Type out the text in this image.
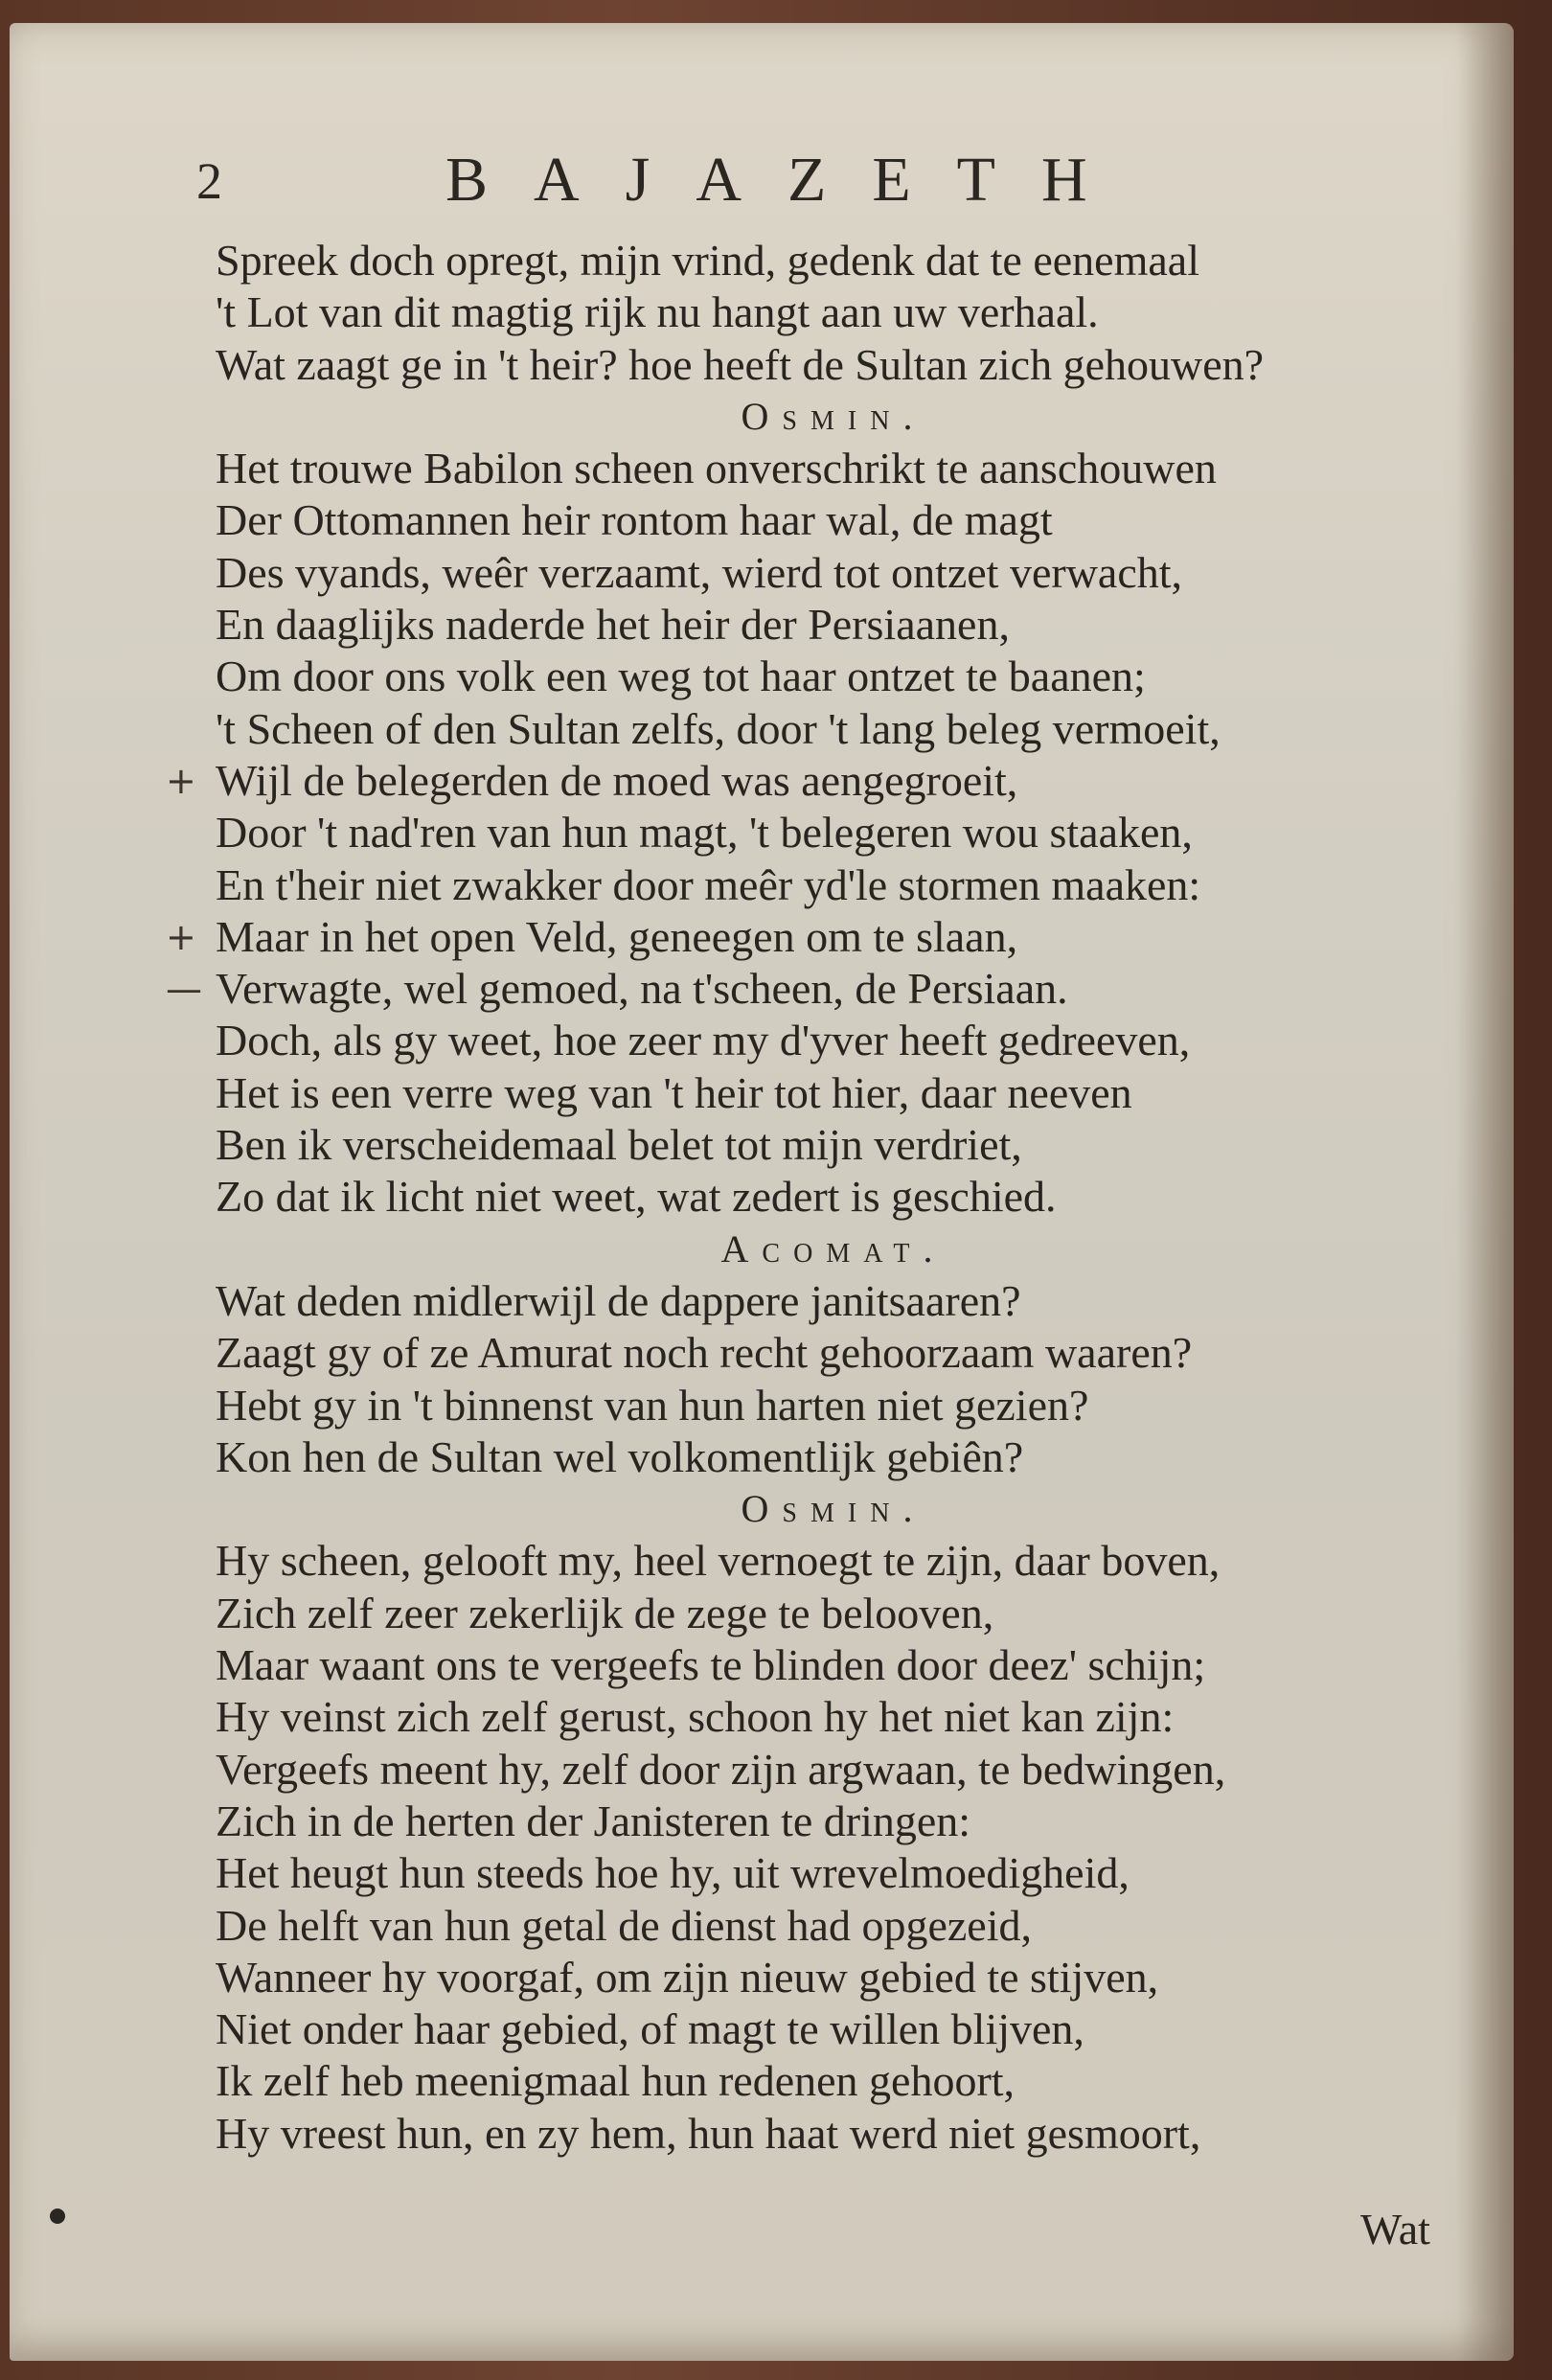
2	BAJAZETH
Spreek doch opregt, mijn vrind, gedenk dat te eenemaal
't Lot van dit magtig rijk nu hangt aan uw verhaal.
Wat zaagt ge in 't heir? hoe heeft de Sultan zich gehouwen?
Osmin.
Het trouwe Babilon scheen onverschrikt te aanschouwen
Der Ottomannen heir rontom haar wal, de magt
Des vyands, weêr verzaamt, wierd tot ontzet verwacht,
En daaglijks naderde het heir der Persiaanen,
Om door ons volk een weg tot haar ontzet te baanen;
't Scheen of den Sultan zelfs, door 't lang beleg vermoeit,
+ Wijl de belegerden de moed was aengegroeit,
Door 't nad'ren van hun magt, 't belegeren wou staaken,
En t'heir niet zwakker door meêr yd'le stormen maaken:
+ Maar in het open Veld, geneegen om te slaan,
— Verwagte, wel gemoed, na t'scheen, de Persiaan.
Doch, als gy weet, hoe zeer my d'yver heeft gedreeven,
Het is een verre weg van 't heir tot hier, daar neeven
Ben ik verscheidemaal belet tot mijn verdriet,
Zo dat ik licht niet weet, wat zedert is geschied.
Acomat.
Wat deden midlerwijl de dappere janitsaaren?
Zaagt gy of ze Amurat noch recht gehoorzaam waaren?
Hebt gy in 't binnenst van hun harten niet gezien?
Kon hen de Sultan wel volkomentlijk gebiên?
Osmin.
Hy scheen, gelooft my, heel vernoegt te zijn, daar boven,
Zich zelf zeer zekerlijk de zege te belooven,
Maar waant ons te vergeefs te blinden door deez' schijn;
Hy veinst zich zelf gerust, schoon hy het niet kan zijn:
Vergeefs meent hy, zelf door zijn argwaan, te bedwingen,
Zich in de herten der Janisteren te dringen:
Het heugt hun steeds hoe hy, uit wrevelmoedigheid,
De helft van hun getal de dienst had opgezeid,
Wanneer hy voorgaf, om zijn nieuw gebied te stijven,
Niet onder haar gebied, of magt te willen blijven,
Ik zelf heb meenigmaal hun redenen gehoort,
Hy vreest hun, en zy hem, hun haat werd niet gesmoort,
Wat
